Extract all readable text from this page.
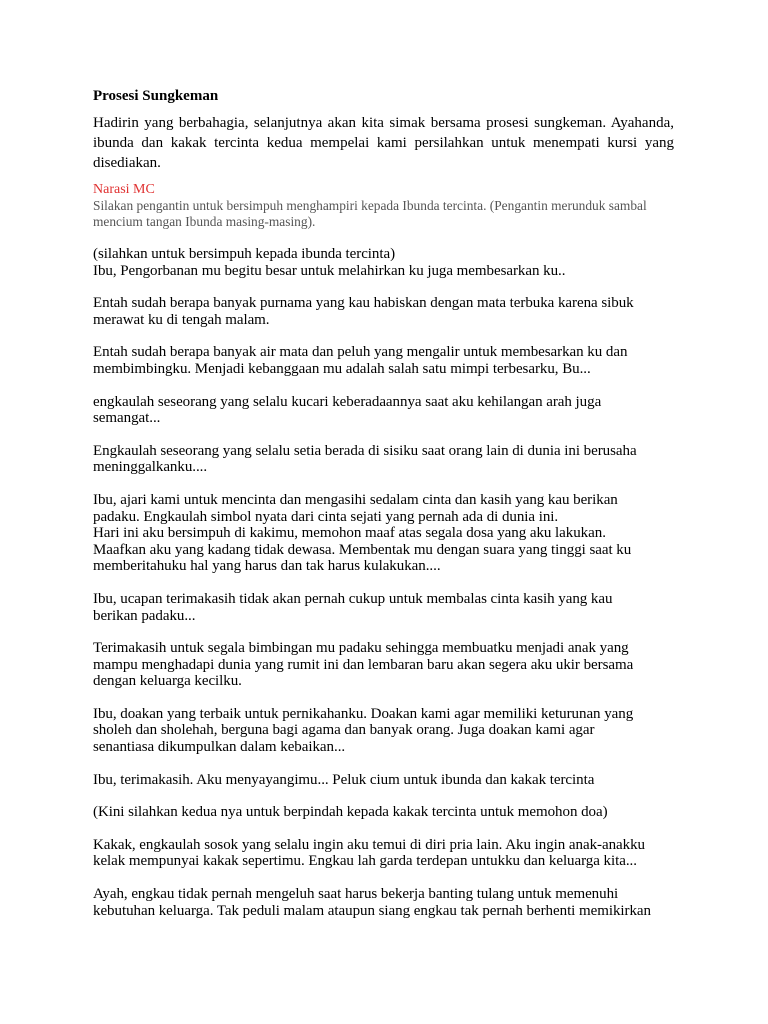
Prosesi Sungkeman

Hadirin yang berbahagia, selanjutnya akan kita simak bersama prosesi sungkeman. Ayahanda, ibunda dan kakak tercinta kedua mempelai kami persilahkan untuk menempati kursi yang disediakan.

Narasi MC

Silakan pengantin untuk bersimpuh menghampiri kepada Ibunda tercinta. (Pengantin merunduk sambal mencium tangan Ibunda masing-masing).

(silahkan untuk bersimpuh kepada ibunda tercinta)
Ibu, Pengorbanan mu begitu besar untuk melahirkan ku juga membesarkan ku..

Entah sudah berapa banyak purnama yang kau habiskan dengan mata terbuka karena sibuk
merawat ku di tengah malam.

Entah sudah berapa banyak air mata dan peluh yang mengalir untuk membesarkan ku dan
membimbingku. Menjadi kebanggaan mu adalah salah satu mimpi terbesarku, Bu...

engkaulah seseorang yang selalu kucari keberadaannya saat aku kehilangan arah juga
semangat...

Engkaulah seseorang yang selalu setia berada di sisiku saat orang lain di dunia ini berusaha
meninggalkanku....

Ibu, ajari kami untuk mencinta dan mengasihi sedalam cinta dan kasih yang kau berikan
padaku. Engkaulah simbol nyata dari cinta sejati yang pernah ada di dunia ini.
Hari ini aku bersimpuh di kakimu, memohon maaf atas segala dosa yang aku lakukan.
Maafkan aku yang kadang tidak dewasa. Membentak mu dengan suara yang tinggi saat ku
memberitahuku hal yang harus dan tak harus kulakukan....

Ibu, ucapan terimakasih tidak akan pernah cukup untuk membalas cinta kasih yang kau
berikan padaku...

Terimakasih untuk segala bimbingan mu padaku sehingga membuatku menjadi anak yang
mampu menghadapi dunia yang rumit ini dan lembaran baru akan segera aku ukir bersama
dengan keluarga kecilku.

Ibu, doakan yang terbaik untuk pernikahanku. Doakan kami agar memiliki keturunan yang
sholeh dan sholehah, berguna bagi agama dan banyak orang. Juga doakan kami agar
senantiasa dikumpulkan dalam kebaikan...

Ibu, terimakasih. Aku menyayangimu... Peluk cium untuk ibunda dan kakak tercinta

(Kini silahkan kedua nya untuk berpindah kepada kakak tercinta untuk memohon doa)

Kakak, engkaulah sosok yang selalu ingin aku temui di diri pria lain. Aku ingin anak-anakku
kelak mempunyai kakak sepertimu. Engkau lah garda terdepan untukku dan keluarga kita...

Ayah, engkau tidak pernah mengeluh saat harus bekerja banting tulang untuk memenuhi
kebutuhan keluarga. Tak peduli malam ataupun siang engkau tak pernah berhenti memikirkan
